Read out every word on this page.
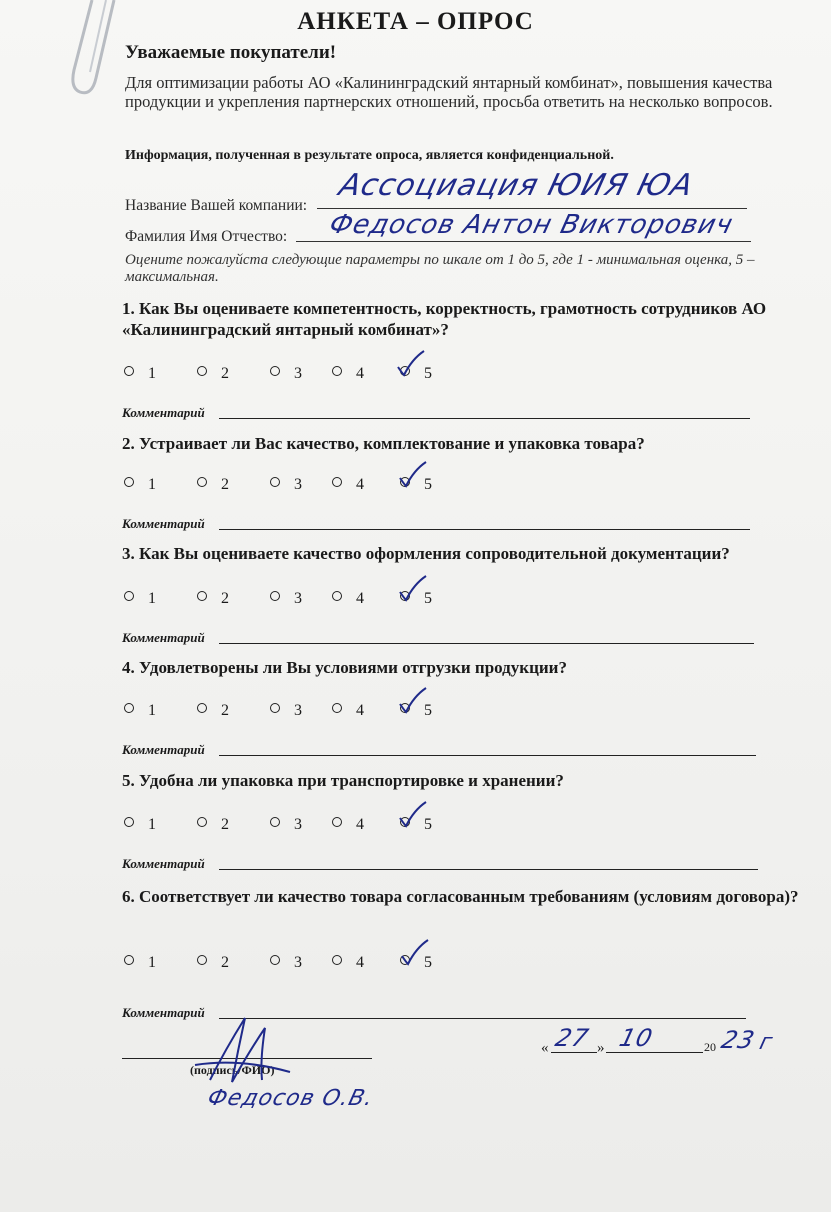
АНКЕТА – ОПРОС
Уважаемые покупатели!
Для оптимизации работы АО «Калининградский янтарный комбинат», повышения качества продукции и укрепления партнерских отношений, просьба ответить на несколько вопросов.
Информация, полученная в результате опроса, является конфиденциальной.
Название Вашей компании:
Ассоциация ЮИЯ ЮА
Фамилия Имя Отчество: Федосов Антон Викторович
Оцените пожалуйста следующие параметры по шкале от 1 до 5, где 1 - минимальная оценка, 5 – максимальная.
1. Как Вы оцениваете компетентность, корректность, грамотность сотрудников АО «Калининградский янтарный комбинат»?
1	2	3	4	5
Комментарий
2. Устраивает ли Вас качество, комплектование и упаковка товара?
1	2	3	4	5
Комментарий
3. Как Вы оцениваете качество оформления сопроводительной документации?
1	2	3	4	5
Комментарий
4. Удовлетворены ли Вы условиями отгрузки продукции?
1	2	3	4	5
Комментарий
5. Удобна ли упаковка при транспортировке и хранении?
1	2	3	4	5
Комментарий
6. Соответствует ли качество товара согласованным требованиям (условиям договора)?
1	2	3	4	5
Комментарий
(подпись/ФИО)
Федосов О.В.
« 27 » 10	20 23
г
